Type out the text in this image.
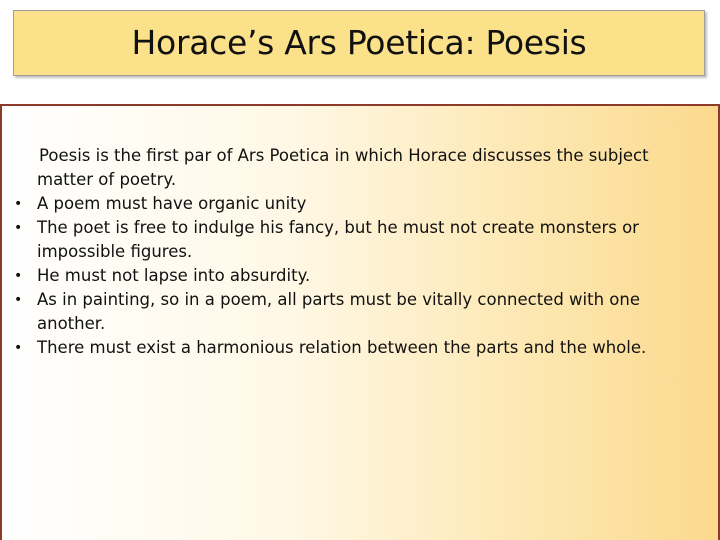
Horace’s Ars Poetica: Poesis
Poesis is the first par of Ars Poetica in which Horace discusses the subject matter of poetry.
• A poem must have organic unity
• The poet is free to indulge his fancy, but he must not create monsters or impossible figures.
• He must not lapse into absurdity.
• As in painting, so in a poem, all parts must be vitally connected with one another.
• There must exist a harmonious relation between the parts and the whole.
